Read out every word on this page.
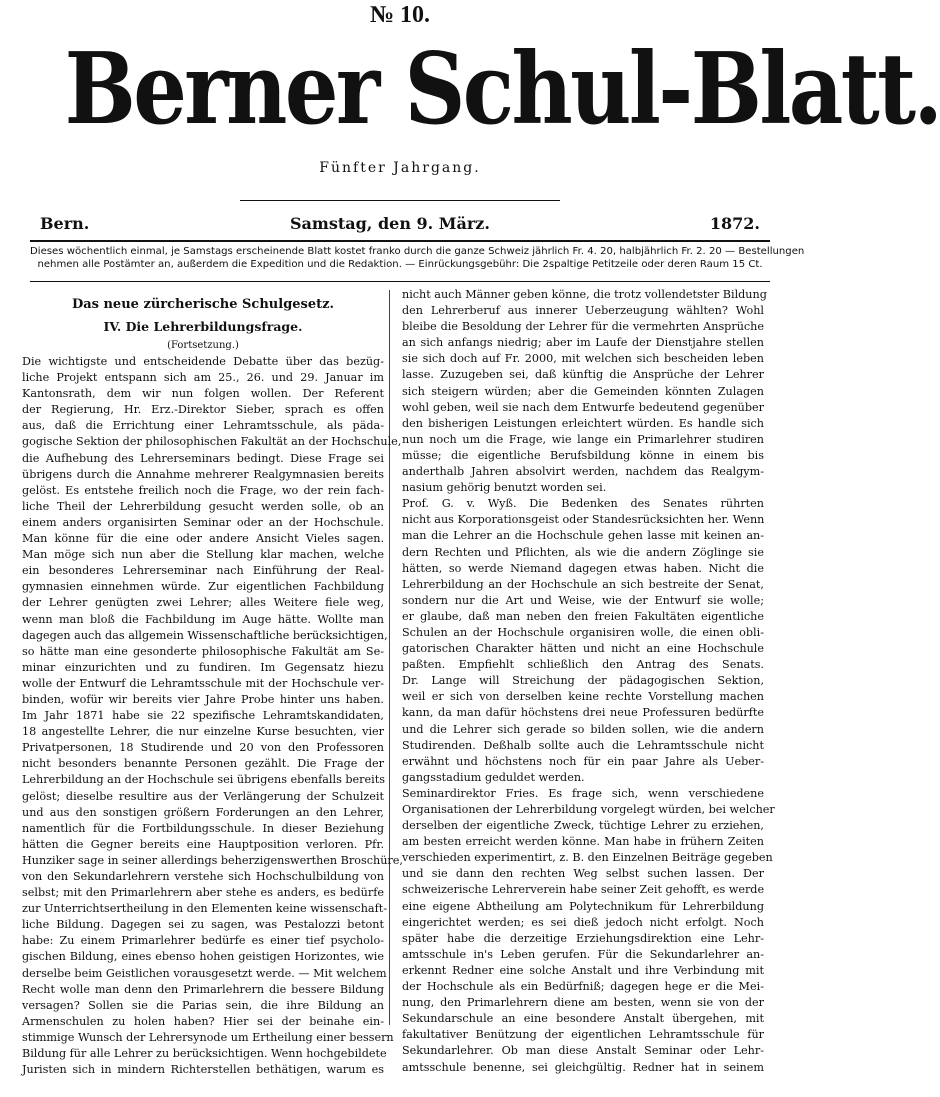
№ 10.
Berner Schul-Blatt.
Fünfter Jahrgang.
Bern.	Samstag, den 9. März.	1872.
Dieses wöchentlich einmal, je Samstags erscheinende Blatt kostet franko durch die ganze Schweiz jährlich Fr. 4. 20, halbjährlich Fr. 2. 20 — Bestellungen
nehmen alle Postämter an, außerdem die Expedition und die Redaktion. — Einrückungsgebühr: Die 2spaltige Petitzeile oder deren Raum 15 Ct.
Das neue zürcherische Schulgesetz.
IV. Die Lehrerbildungsfrage.
(Fortsetzung.)
Die wichtigste und entscheidende Debatte über das bezüg-
liche Projekt entspann sich am 25., 26. und 29. Januar im
Kantonsrath, dem wir nun folgen wollen. Der Referent
der Regierung, Hr. Erz.-Direktor Sieber, sprach es offen
aus, daß die Errichtung einer Lehramtsschule, als päda-
gogische Sektion der philosophischen Fakultät an der Hochschule,
die Aufhebung des Lehrerseminars bedingt. Diese Frage sei
übrigens durch die Annahme mehrerer Realgymnasien bereits
gelöst. Es entstehe freilich noch die Frage, wo der rein fach-
liche Theil der Lehrerbildung gesucht werden solle, ob an
einem anders organisirten Seminar oder an der Hochschule.
Man könne für die eine oder andere Ansicht Vieles sagen.
Man möge sich nun aber die Stellung klar machen, welche
ein besonderes Lehrerseminar nach Einführung der Real-
gymnasien einnehmen würde. Zur eigentlichen Fachbildung
der Lehrer genügten zwei Lehrer; alles Weitere fiele weg,
wenn man bloß die Fachbildung im Auge hätte. Wollte man
dagegen auch das allgemein Wissenschaftliche berücksichtigen,
so hätte man eine gesonderte philosophische Fakultät am Se-
minar einzurichten und zu fundiren. Im Gegensatz hiezu
wolle der Entwurf die Lehramtsschule mit der Hochschule ver-
binden, wofür wir bereits vier Jahre Probe hinter uns haben.
Im Jahr 1871 habe sie 22 spezifische Lehramtskandidaten,
18 angestellte Lehrer, die nur einzelne Kurse besuchten, vier
Privatpersonen, 18 Studirende und 20 von den Professoren
nicht besonders benannte Personen gezählt. Die Frage der
Lehrerbildung an der Hochschule sei übrigens ebenfalls bereits
gelöst; dieselbe resultire aus der Verlängerung der Schulzeit
und aus den sonstigen größern Forderungen an den Lehrer,
namentlich für die Fortbildungsschule. In dieser Beziehung
hätten die Gegner bereits eine Hauptposition verloren. Pfr.
Hunziker sage in seiner allerdings beherzigenswerthen Broschüre,
von den Sekundarlehrern verstehe sich Hochschulbildung von
selbst; mit den Primarlehrern aber stehe es anders, es bedürfe
zur Unterrichtsertheilung in den Elementen keine wissenschaft-
liche Bildung. Dagegen sei zu sagen, was Pestalozzi betont
habe: Zu einem Primarlehrer bedürfe es einer tief psycholo-
gischen Bildung, eines ebenso hohen geistigen Horizontes, wie
derselbe beim Geistlichen vorausgesetzt werde. — Mit welchem
Recht wolle man denn den Primarlehrern die bessere Bildung
versagen? Sollen sie die Parias sein, die ihre Bildung an
Armenschulen zu holen haben? Hier sei der beinahe ein-
stimmige Wunsch der Lehrersynode um Ertheilung einer bessern
Bildung für alle Lehrer zu berücksichtigen. Wenn hochgebildete
Juristen sich in mindern Richterstellen bethätigen, warum es
nicht auch Männer geben könne, die trotz vollendetster Bildung
den Lehrerberuf aus innerer Ueberzeugung wählten? Wohl
bleibe die Besoldung der Lehrer für die vermehrten Ansprüche
an sich anfangs niedrig; aber im Laufe der Dienstjahre stellen
sie sich doch auf Fr. 2000, mit welchen sich bescheiden leben
lasse. Zuzugeben sei, daß künftig die Ansprüche der Lehrer
sich steigern würden; aber die Gemeinden könnten Zulagen
wohl geben, weil sie nach dem Entwurfe bedeutend gegenüber
den bisherigen Leistungen erleichtert würden. Es handle sich
nun noch um die Frage, wie lange ein Primarlehrer studiren
müsse; die eigentliche Berufsbildung könne in einem bis
anderthalb Jahren absolvirt werden, nachdem das Realgym-
nasium gehörig benutzt worden sei.
Prof. G. v. Wyß. Die Bedenken des Senates rührten
nicht aus Korporationsgeist oder Standesrücksichten her. Wenn
man die Lehrer an die Hochschule gehen lasse mit keinen an-
dern Rechten und Pflichten, als wie die andern Zöglinge sie
hätten, so werde Niemand dagegen etwas haben. Nicht die
Lehrerbildung an der Hochschule an sich bestreite der Senat,
sondern nur die Art und Weise, wie der Entwurf sie wolle;
er glaube, daß man neben den freien Fakultäten eigentliche
Schulen an der Hochschule organisiren wolle, die einen obli-
gatorischen Charakter hätten und nicht an eine Hochschule
paßten. Empfiehlt schließlich den Antrag des Senats.
Dr. Lange will Streichung der pädagogischen Sektion,
weil er sich von derselben keine rechte Vorstellung machen
kann, da man dafür höchstens drei neue Professuren bedürfte
und die Lehrer sich gerade so bilden sollen, wie die andern
Studirenden. Deßhalb sollte auch die Lehramtsschule nicht
erwähnt und höchstens noch für ein paar Jahre als Ueber-
gangsstadium geduldet werden.
Seminardirektor Fries. Es frage sich, wenn verschiedene
Organisationen der Lehrerbildung vorgelegt würden, bei welcher
derselben der eigentliche Zweck, tüchtige Lehrer zu erziehen,
am besten erreicht werden könne. Man habe in frühern Zeiten
verschieden experimentirt, z. B. den Einzelnen Beiträge gegeben
und sie dann den rechten Weg selbst suchen lassen. Der
schweizerische Lehrerverein habe seiner Zeit gehofft, es werde
eine eigene Abtheilung am Polytechnikum für Lehrerbildung
eingerichtet werden; es sei dieß jedoch nicht erfolgt. Noch
später habe die derzeitige Erziehungsdirektion eine Lehr-
amtsschule in's Leben gerufen. Für die Sekundarlehrer an-
erkennt Redner eine solche Anstalt und ihre Verbindung mit
der Hochschule als ein Bedürfniß; dagegen hege er die Mei-
nung, den Primarlehrern diene am besten, wenn sie von der
Sekundarschule an eine besondere Anstalt übergehen, mit
fakultativer Benützung der eigentlichen Lehramtsschule für
Sekundarlehrer. Ob man diese Anstalt Seminar oder Lehr-
amtsschule benenne, sei gleichgültig. Redner hat in seinem
